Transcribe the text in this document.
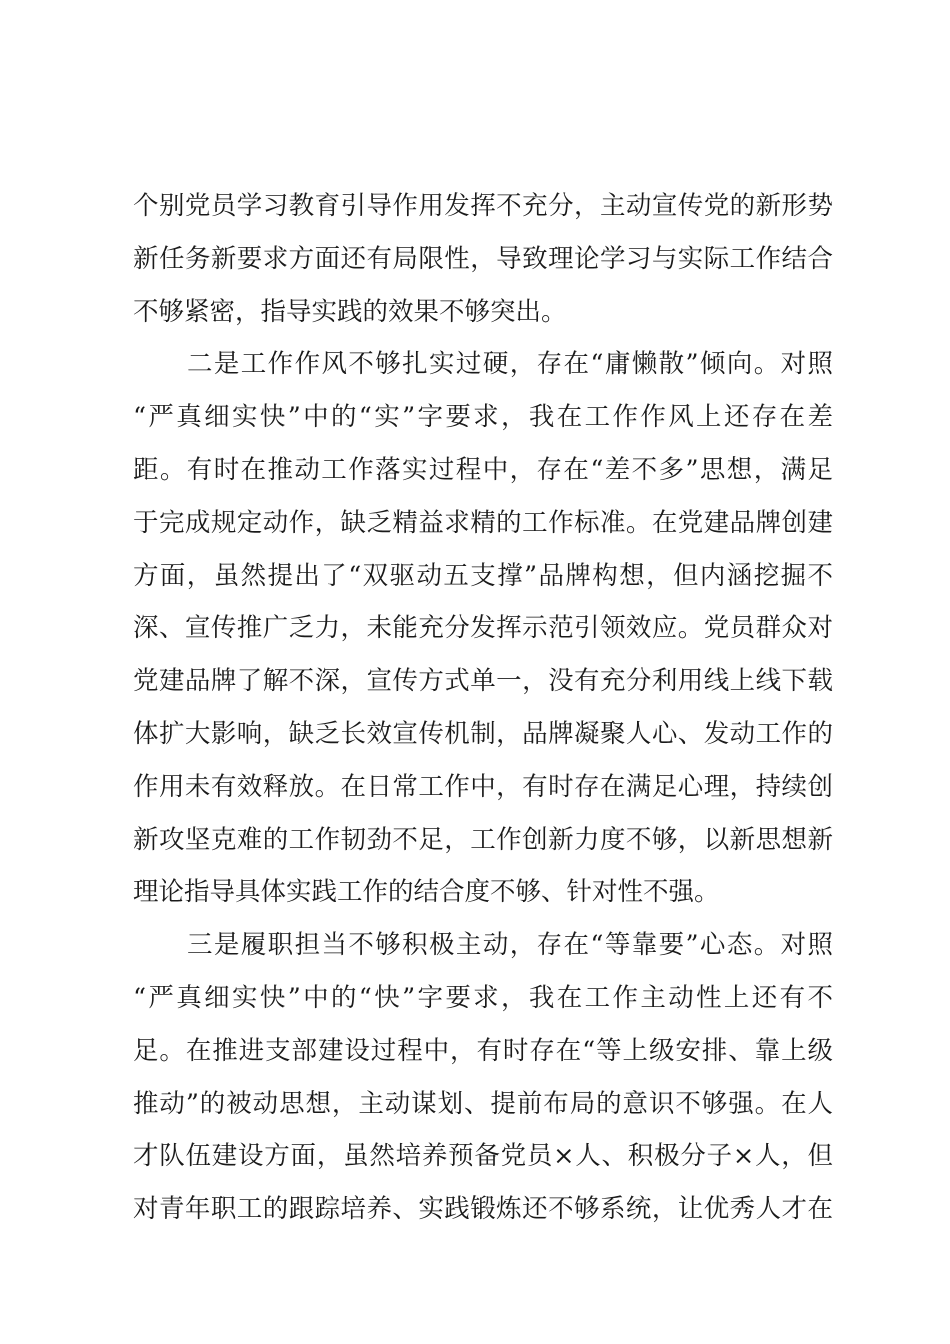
个别党员学习教育引导作用发挥不充分，主动宣传党的新形势
新任务新要求方面还有局限性，导致理论学习与实际工作结合
不够紧密，指导实践的效果不够突出。
二是工作作风不够扎实过硬，存在“庸懒散”倾向。对照
“严真细实快”中的“实”字要求，我在工作作风上还存在差
距。有时在推动工作落实过程中，存在“差不多”思想，满足
于完成规定动作，缺乏精益求精的工作标准。在党建品牌创建
方面，虽然提出了“双驱动五支撑”品牌构想，但内涵挖掘不
深、宣传推广乏力，未能充分发挥示范引领效应。党员群众对
党建品牌了解不深，宣传方式单一，没有充分利用线上线下载
体扩大影响，缺乏长效宣传机制，品牌凝聚人心、发动工作的
作用未有效释放。在日常工作中，有时存在满足心理，持续创
新攻坚克难的工作韧劲不足，工作创新力度不够，以新思想新
理论指导具体实践工作的结合度不够、针对性不强。
三是履职担当不够积极主动，存在“等靠要”心态。对照
“严真细实快”中的“快”字要求，我在工作主动性上还有不
足。在推进支部建设过程中，有时存在“等上级安排、靠上级
推动”的被动思想，主动谋划、提前布局的意识不够强。在人
才队伍建设方面，虽然培养预备党员×人、积极分子×人，但
对青年职工的跟踪培养、实践锻炼还不够系统，让优秀人才在
